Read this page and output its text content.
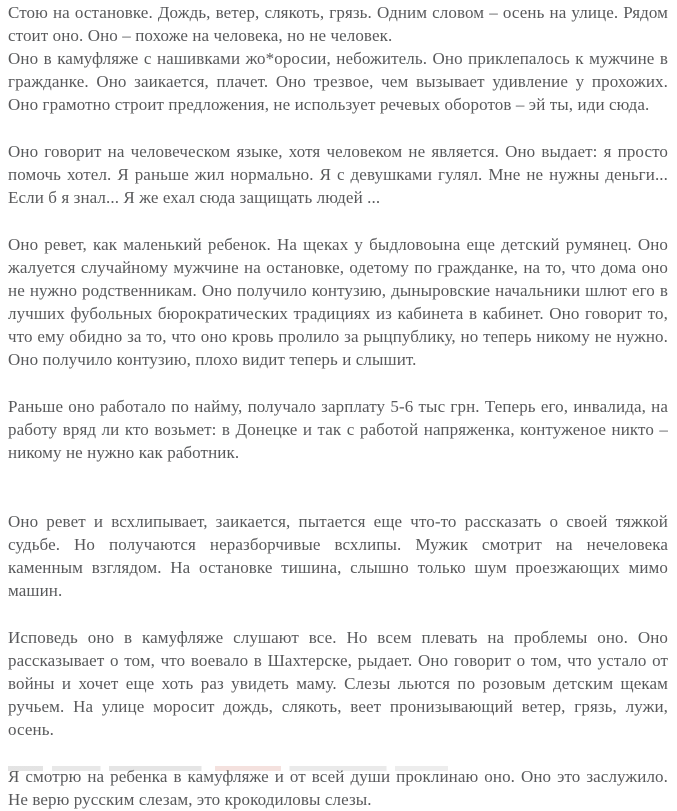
Стою на остановке. Дождь, ветер, слякоть, грязь. Одним словом – осень на улице. Рядом стоит оно. Оно – похоже на человека, но не человек.

Оно в камуфляже с нашивками жо*оросии, небожитель. Оно приклепалось к мужчине в гражданке. Оно заикается, плачет. Оно трезвое, чем вызывает удивление у прохожих. Оно грамотно строит предложения, не использует речевых оборотов – эй ты, иди сюда.

Оно говорит на человеческом языке, хотя человеком не является. Оно выдает: я просто помочь хотел. Я раньше жил нормально. Я с девушками гулял. Мне не нужны деньги... Если б я знал... Я же ехал сюда защищать людей ...

Оно ревет, как маленький ребенок. На щеках у быдловоына еще детский румянец. Оно жалуется случайному мужчине на остановке, одетому по гражданке, на то, что дома оно не нужно родственникам. Оно получило контузию, дыныровские начальники шлют его в лучших фубольных бюрократических традициях из кабинета в кабинет. Оно говорит то, что ему обидно за то, что оно кровь пролило за рыцпублику, но теперь никому не нужно. Оно получило контузию, плохо видит теперь и слышит.

Раньше оно работало по найму, получало зарплату 5-6 тыс грн. Теперь его, инвалида, на работу вряд ли кто возьмет: в Донецке и так с работой напряженка, контуженое никто – никому не нужно как работник.

Оно ревет и всхлипывает, заикается, пытается еще что-то рассказать о своей тяжкой судьбе. Но получаются неразборчивые всхлипы. Мужик смотрит на нечеловека каменным взглядом. На остановке тишина, слышно только шум проезжающих мимо машин.

Исповедь оно в камуфляже слушают все. Но всем плевать на проблемы оно. Оно рассказывает о том, что воевало в Шахтерске, рыдает. Оно говорит о том, что устало от войны и хочет еще хоть раз увидеть маму. Слезы льются по розовым детским щекам ручьем. На улице моросит дождь, слякоть, веет пронизывающий ветер, грязь, лужи, осень.

Я смотрю на ребенка в камуфляже и от всей души проклинаю оно. Оно это заслужило. Не верю русским слезам, это крокодиловы слезы.
